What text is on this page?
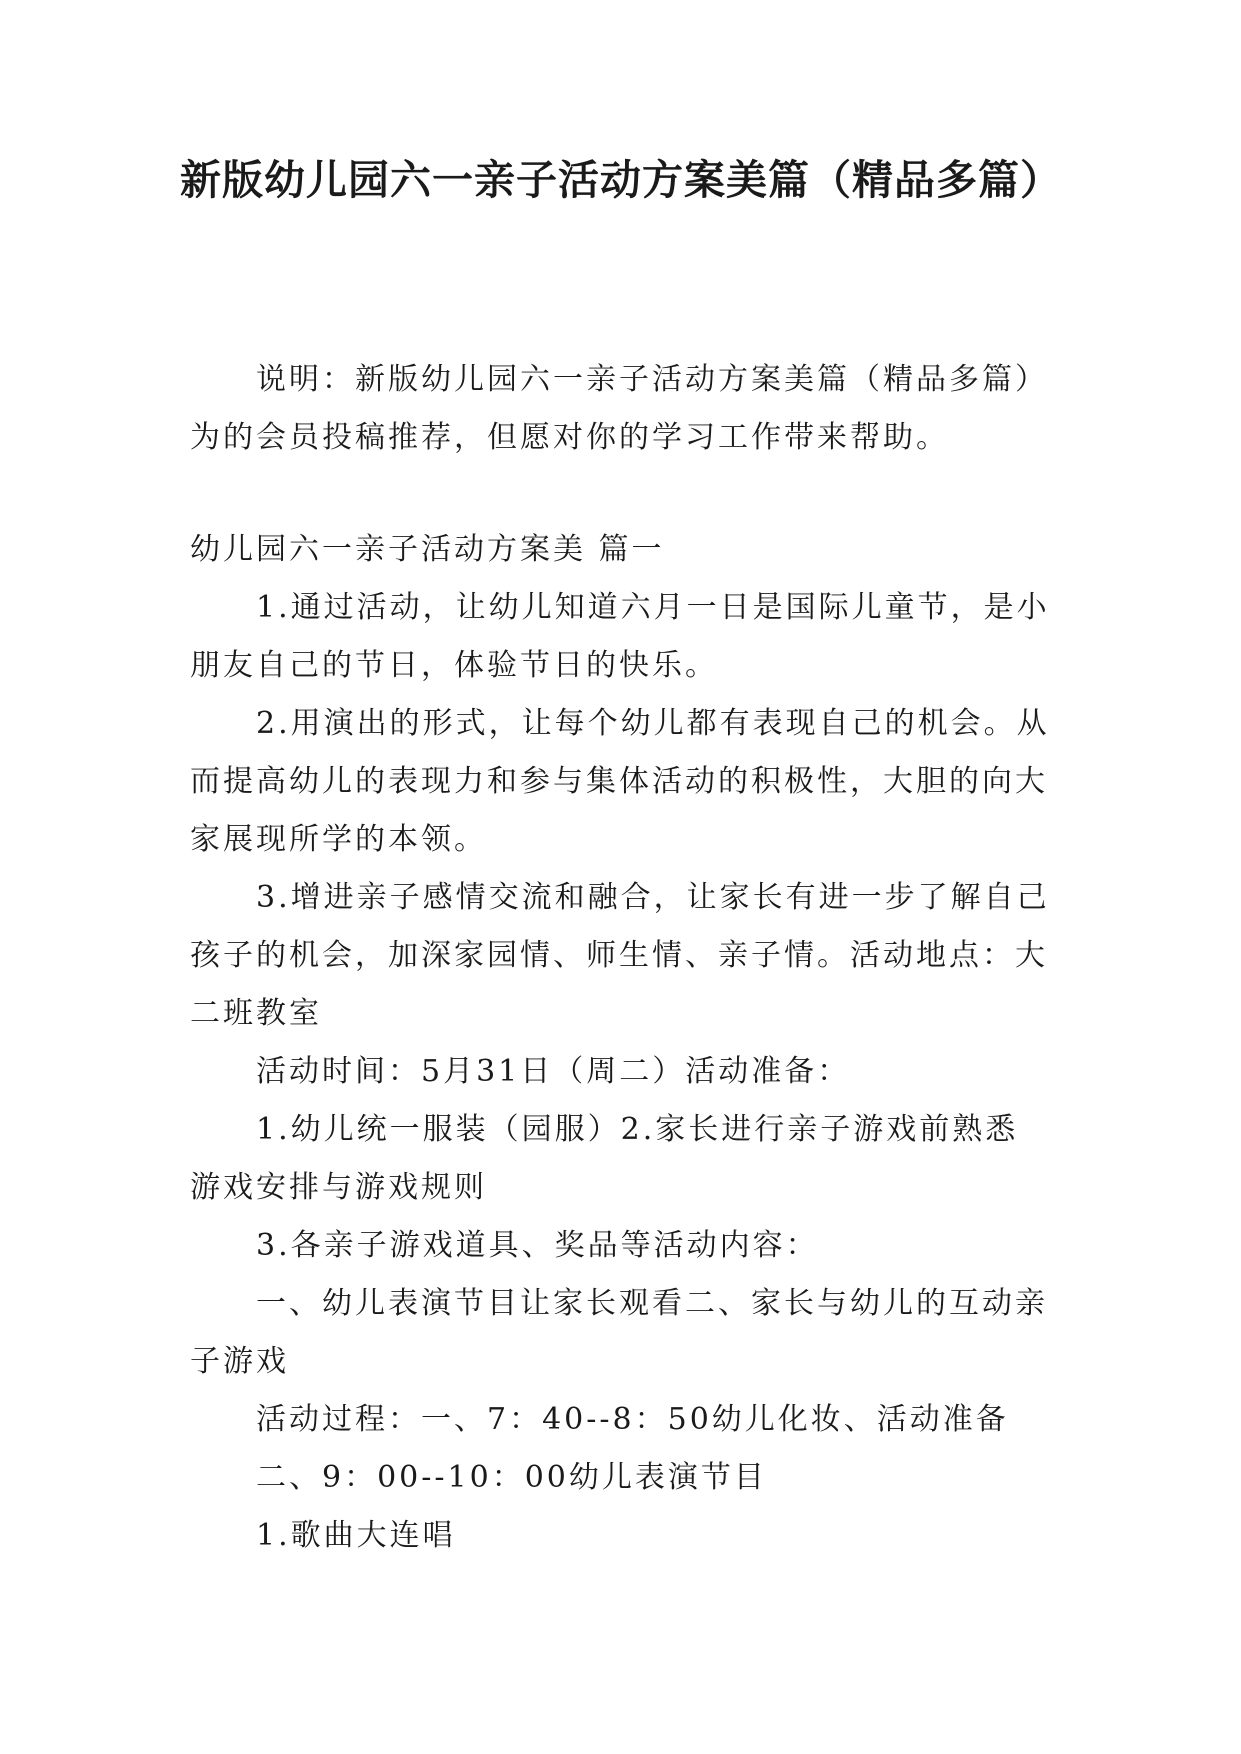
新版幼儿园六一亲子活动方案美篇（精品多篇）

说明：新版幼儿园六一亲子活动方案美篇（精品多篇）为的会员投稿推荐，但愿对你的学习工作带来帮助。

幼儿园六一亲子活动方案美 篇一

1.通过活动，让幼儿知道六月一日是国际儿童节，是小朋友自己的节日，体验节日的快乐。

2.用演出的形式，让每个幼儿都有表现自己的机会。从而提高幼儿的表现力和参与集体活动的积极性，大胆的向大家展现所学的本领。

3.增进亲子感情交流和融合，让家长有进一步了解自己孩子的机会，加深家园情、师生情、亲子情。活动地点：大二班教室

活动时间：5月31日（周二）活动准备：

1.幼儿统一服装（园服）2.家长进行亲子游戏前熟悉游戏安排与游戏规则

3.各亲子游戏道具、奖品等活动内容：

一、幼儿表演节目让家长观看二、家长与幼儿的互动亲子游戏

活动过程：一、7：40--8：50幼儿化妆、活动准备

二、9：00--10：00幼儿表演节目

1.歌曲大连唱
